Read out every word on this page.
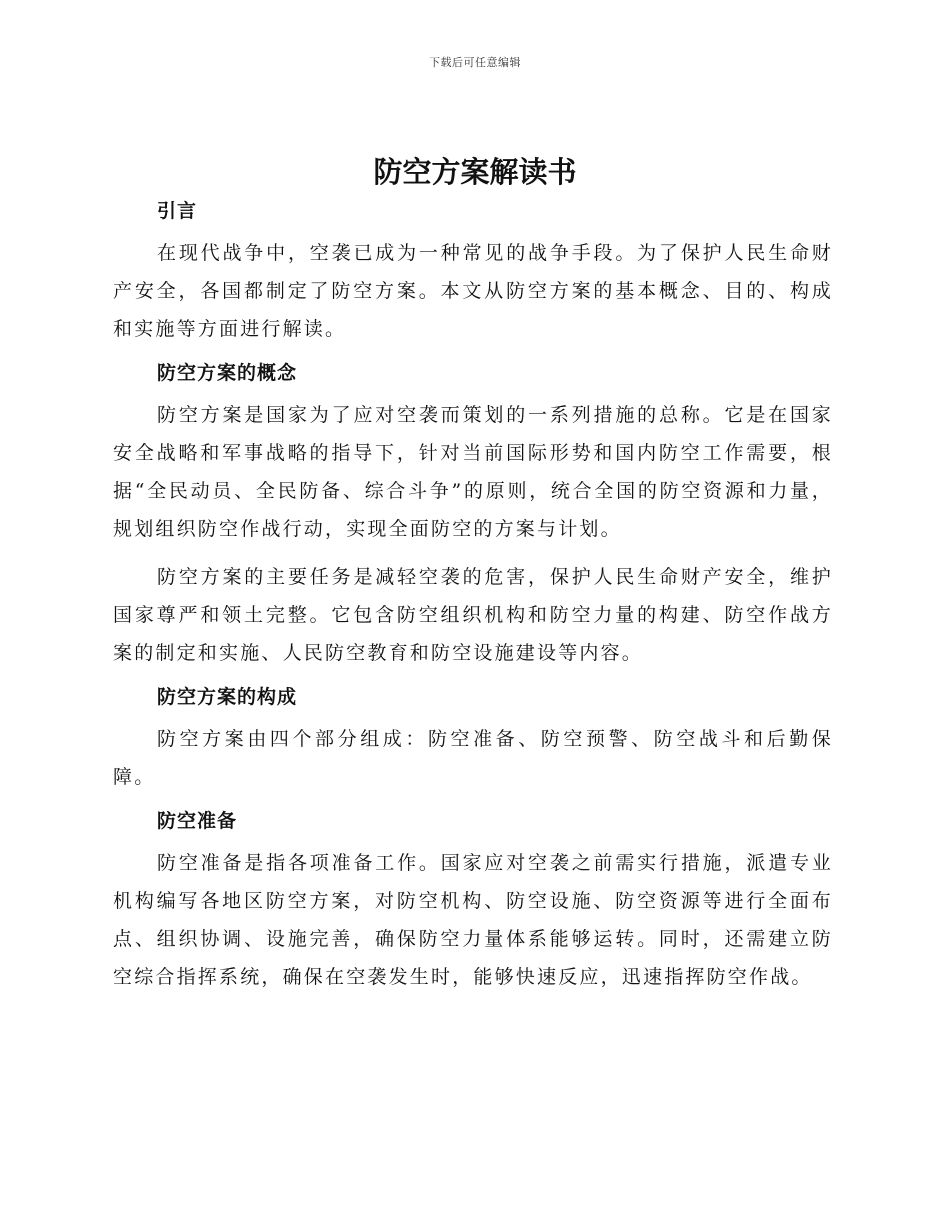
下载后可任意编辑
防空方案解读书
引言

在现代战争中，空袭已成为一种常见的战争手段。为了保护人民生命财产安全，各国都制定了防空方案。本文从防空方案的基本概念、目的、构成和实施等方面进行解读。

防空方案的概念

防空方案是国家为了应对空袭而策划的一系列措施的总称。它是在国家安全战略和军事战略的指导下，针对当前国际形势和国内防空工作需要，根据“全民动员、全民防备、综合斗争”的原则，统合全国的防空资源和力量，规划组织防空作战行动，实现全面防空的方案与计划。

防空方案的主要任务是减轻空袭的危害，保护人民生命财产安全，维护国家尊严和领土完整。它包含防空组织机构和防空力量的构建、防空作战方案的制定和实施、人民防空教育和防空设施建设等内容。

防空方案的构成

防空方案由四个部分组成：防空准备、防空预警、防空战斗和后勤保障。

防空准备

防空准备是指各项准备工作。国家应对空袭之前需实行措施，派遣专业机构编写各地区防空方案，对防空机构、防空设施、防空资源等进行全面布点、组织协调、设施完善，确保防空力量体系能够运转。同时，还需建立防空综合指挥系统，确保在空袭发生时，能够快速反应，迅速指挥防空作战。
